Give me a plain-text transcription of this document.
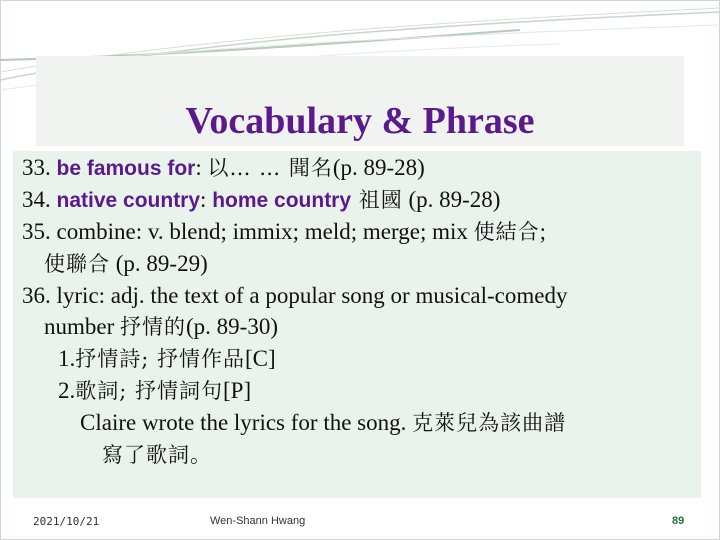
Vocabulary & Phrase
33. be famous for: 以… … 聞名(p. 89-28)
34. native country: home country 祖國 (p. 89-28)
35. combine: v. blend; immix; meld; merge; mix 使結合;
使聯合 (p. 89-29)
36. lyric: adj. the text of a popular song or musical-comedy
number 抒情的(p. 89-30)
1.抒情詩; 抒情作品[C]
2.歌詞; 抒情詞句[P]
Claire wrote the lyrics for the song. 克萊兒為該曲譜
寫了歌詞。
2021/10/21	Wen-Shann Hwang	89
